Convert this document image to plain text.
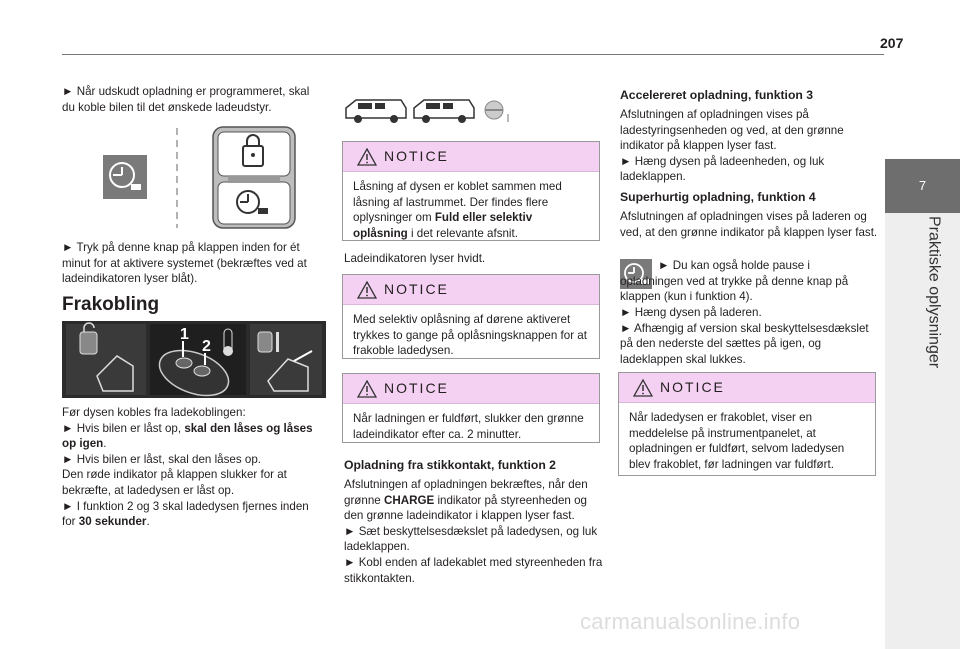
207
7
Praktiske oplysninger

► Når udskudt opladning er programmeret, skal du koble bilen til det ønskede ladeudstyr.

► Tryk på denne knap på klappen inden for ét minut for at aktivere systemet (bekræftes ved at ladeindikatoren lyser blåt).

Frakobling
1
2

Før dysen kobles fra ladekoblingen:

► Hvis bilen er låst op, skal den låses og låses op igen.

► Hvis bilen er låst, skal den låses op.

Den røde indikator på klappen slukker for at bekræfte, at ladedysen er låst op.

► I funktion 2 og 3 skal ladedysen fjernes inden for 30 sekunder.

NOTICE

Låsning af dysen er koblet sammen med låsning af lastrummet. Der findes flere oplysninger om Fuld eller selektiv oplåsning i det relevante afsnit.

Ladeindikatoren lyser hvidt.

NOTICE

Med selektiv oplåsning af dørene aktiveret trykkes to gange på oplåsningsknappen for at frakoble ladedysen.

NOTICE

Når ladningen er fuldført, slukker den grønne ladeindikator efter ca. 2 minutter.

Opladning fra stikkontakt, funktion 2

Afslutningen af opladningen bekræftes, når den grønne CHARGE indikator på styreenheden og den grønne ladeindikator i klappen lyser fast.

► Sæt beskyttelsesdækslet på ladedysen, og luk ladeklappen.

► Kobl enden af ladekablet med styreenheden fra stikkontakten.

Accelereret opladning, funktion 3

Afslutningen af opladningen vises på ladestyringsenheden og ved, at den grønne indikator på klappen lyser fast.

► Hæng dysen på ladeenheden, og luk ladeklappen.

Superhurtig opladning, funktion 4

Afslutningen af opladningen vises på laderen og ved, at den grønne indikator på klappen lyser fast.

► Du kan også holde pause i opladningen ved at trykke på denne knap på klappen (kun i funktion 4).

► Hæng dysen på laderen.

► Afhængig af version skal beskyttelsesdækslet på den nederste del sættes på igen, og ladeklappen skal lukkes.

NOTICE

Når ladedysen er frakoblet, viser en meddelelse på instrumentpanelet, at opladningen er fuldført, selvom ladedysen blev frakoblet, før ladningen var fuldført.

carmanualsonline.info
